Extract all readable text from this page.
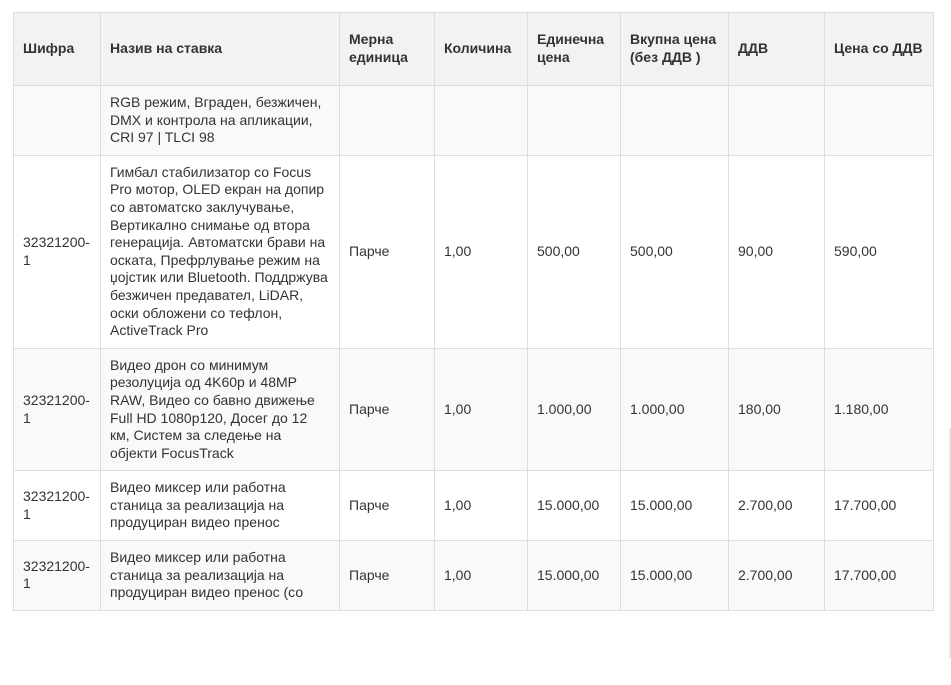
Шифра	Назив на ставка	Мерна единица	Количина	Единечна цена	Вкупна цена (без ДДВ )	ДДВ	Цена со ДДВ
	RGB режим, Вграден, безжичен, DMX и контрола на апликации, CRI 97 | TLCI 98						
32321200-1	Гимбал стабилизатор со Focus Pro мотор, OLED екран на допир со автоматско заклучување, Вертикално снимање од втора генерација. Автоматски брави на оската, Префрлување режим на џојстик или Bluetooth. Поддржува безжичен предавател, LiDAR, оски обложени со тефлон, ActiveTrack Pro	Парче	1,00	500,00	500,00	90,00	590,00
32321200-1	Видео дрон со минимум резолуција од 4K60p и 48MP RAW, Видео со бавно движење Full HD 1080p120, Досег до 12 км, Систем за следење на објекти FocusTrack	Парче	1,00	1.000,00	1.000,00	180,00	1.180,00
32321200-1	Видео миксер или работна станица за реализација на продуциран видео пренос	Парче	1,00	15.000,00	15.000,00	2.700,00	17.700,00
32321200-1	Видео миксер или работна станица за реализација на продуциран видео пренос (со	Парче	1,00	15.000,00	15.000,00	2.700,00	17.700,00
